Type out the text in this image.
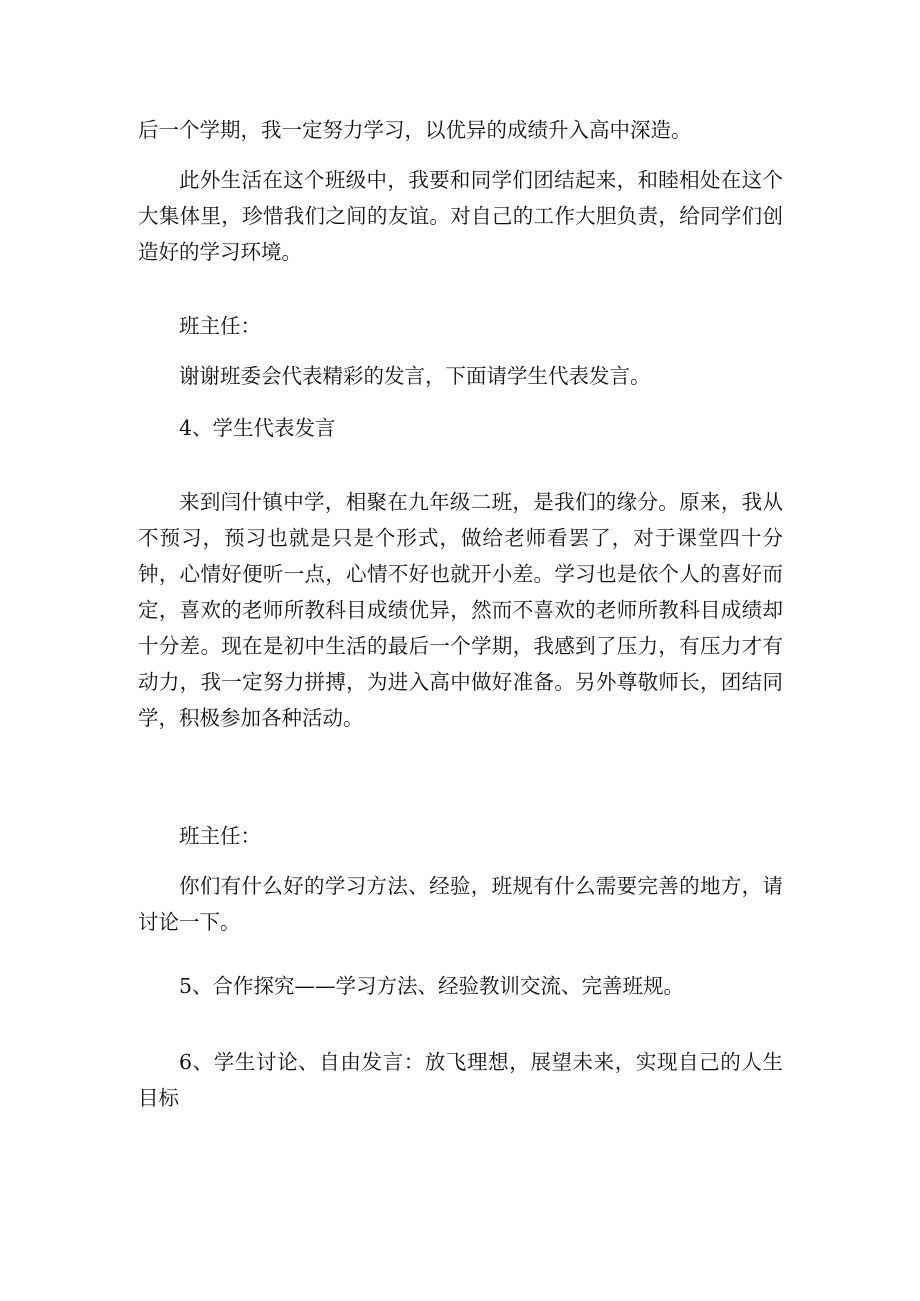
后一个学期，我一定努力学习，以优异的成绩升入高中深造。

此外生活在这个班级中，我要和同学们团结起来，和睦相处在这个大集体里，珍惜我们之间的友谊。对自己的工作大胆负责，给同学们创造好的学习环境。

班主任：

谢谢班委会代表精彩的发言，下面请学生代表发言。

4、学生代表发言

来到闫什镇中学，相聚在九年级二班，是我们的缘分。原来，我从不预习，预习也就是只是个形式，做给老师看罢了，对于课堂四十分钟，心情好便听一点，心情不好也就开小差。学习也是依个人的喜好而定，喜欢的老师所教科目成绩优异，然而不喜欢的老师所教科目成绩却十分差。现在是初中生活的最后一个学期，我感到了压力，有压力才有动力，我一定努力拼搏，为进入高中做好准备。另外尊敬师长，团结同学，积极参加各种活动。

班主任：

你们有什么好的学习方法、经验，班规有什么需要完善的地方，请讨论一下。

5、合作探究——学习方法、经验教训交流、完善班规。

6、学生讨论、自由发言：放飞理想，展望未来，实现自己的人生目标
